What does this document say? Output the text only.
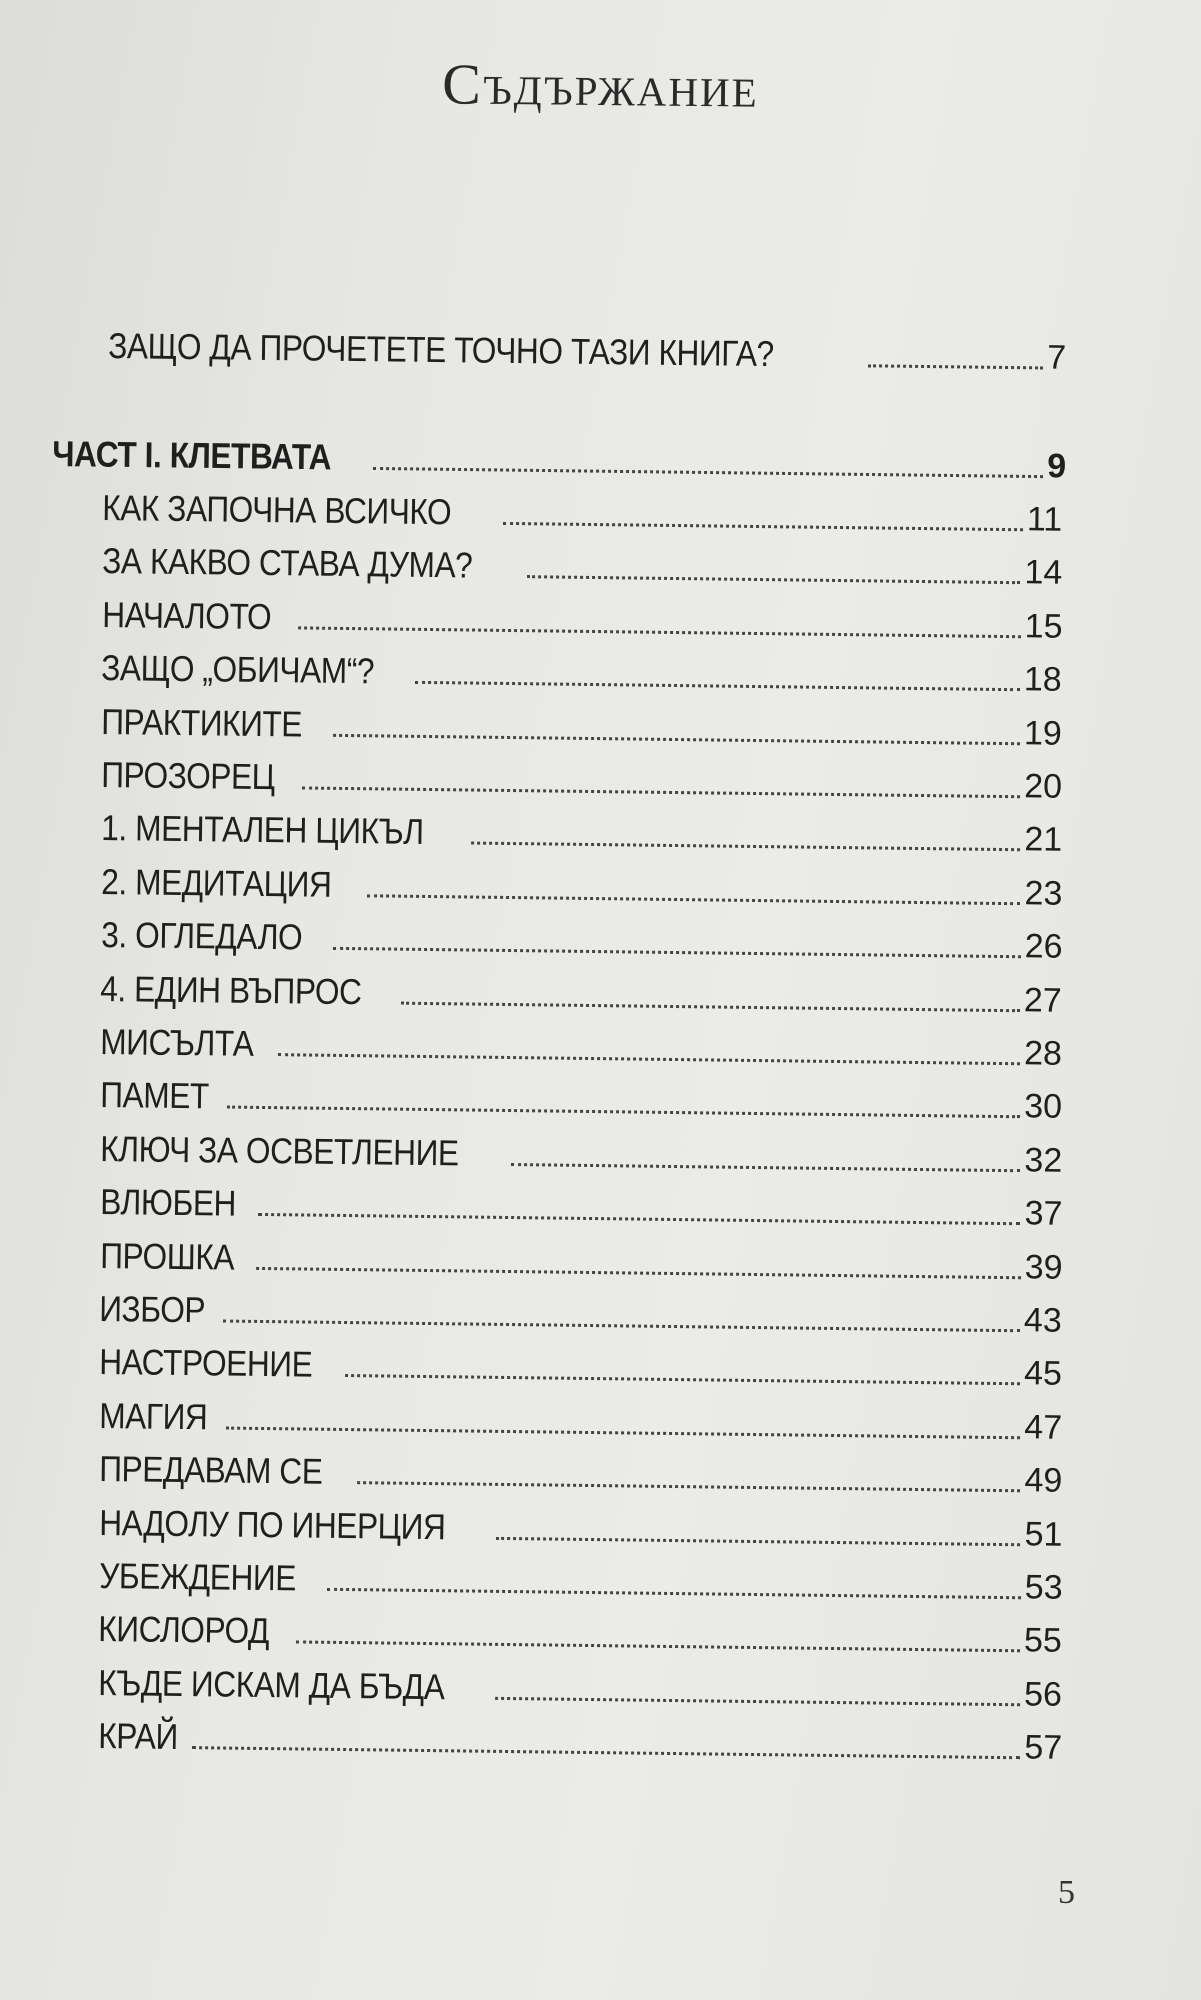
Съдържание
ЗАЩО ДА ПРОЧЕТЕТЕ ТОЧНО ТАЗИ КНИГА?	7
ЧАСТ I. КЛЕТВАТА	9
КАК ЗАПОЧНА ВСИЧКО	11
ЗА КАКВО СТАВА ДУМА?	14
НАЧАЛОТО	15
ЗАЩО „ОБИЧАМ“?	18
ПРАКТИКИТЕ	19
ПРОЗОРЕЦ	20
1. МЕНТАЛЕН ЦИКЪЛ	21
2. МЕДИТАЦИЯ	23
3. ОГЛЕДАЛО	26
4. ЕДИН ВЪПРОС	27
МИСЪЛТА	28
ПАМЕТ	30
КЛЮЧ ЗА ОСВЕТЛЕНИЕ	32
ВЛЮБЕН	37
ПРОШКА	39
ИЗБОР	43
НАСТРОЕНИЕ	45
МАГИЯ	47
ПРЕДАВАМ СЕ	49
НАДОЛУ ПО ИНЕРЦИЯ	51
УБЕЖДЕНИЕ	53
КИСЛОРОД	55
КЪДЕ ИСКАМ ДА БЪДА	56
КРАЙ	57
5
